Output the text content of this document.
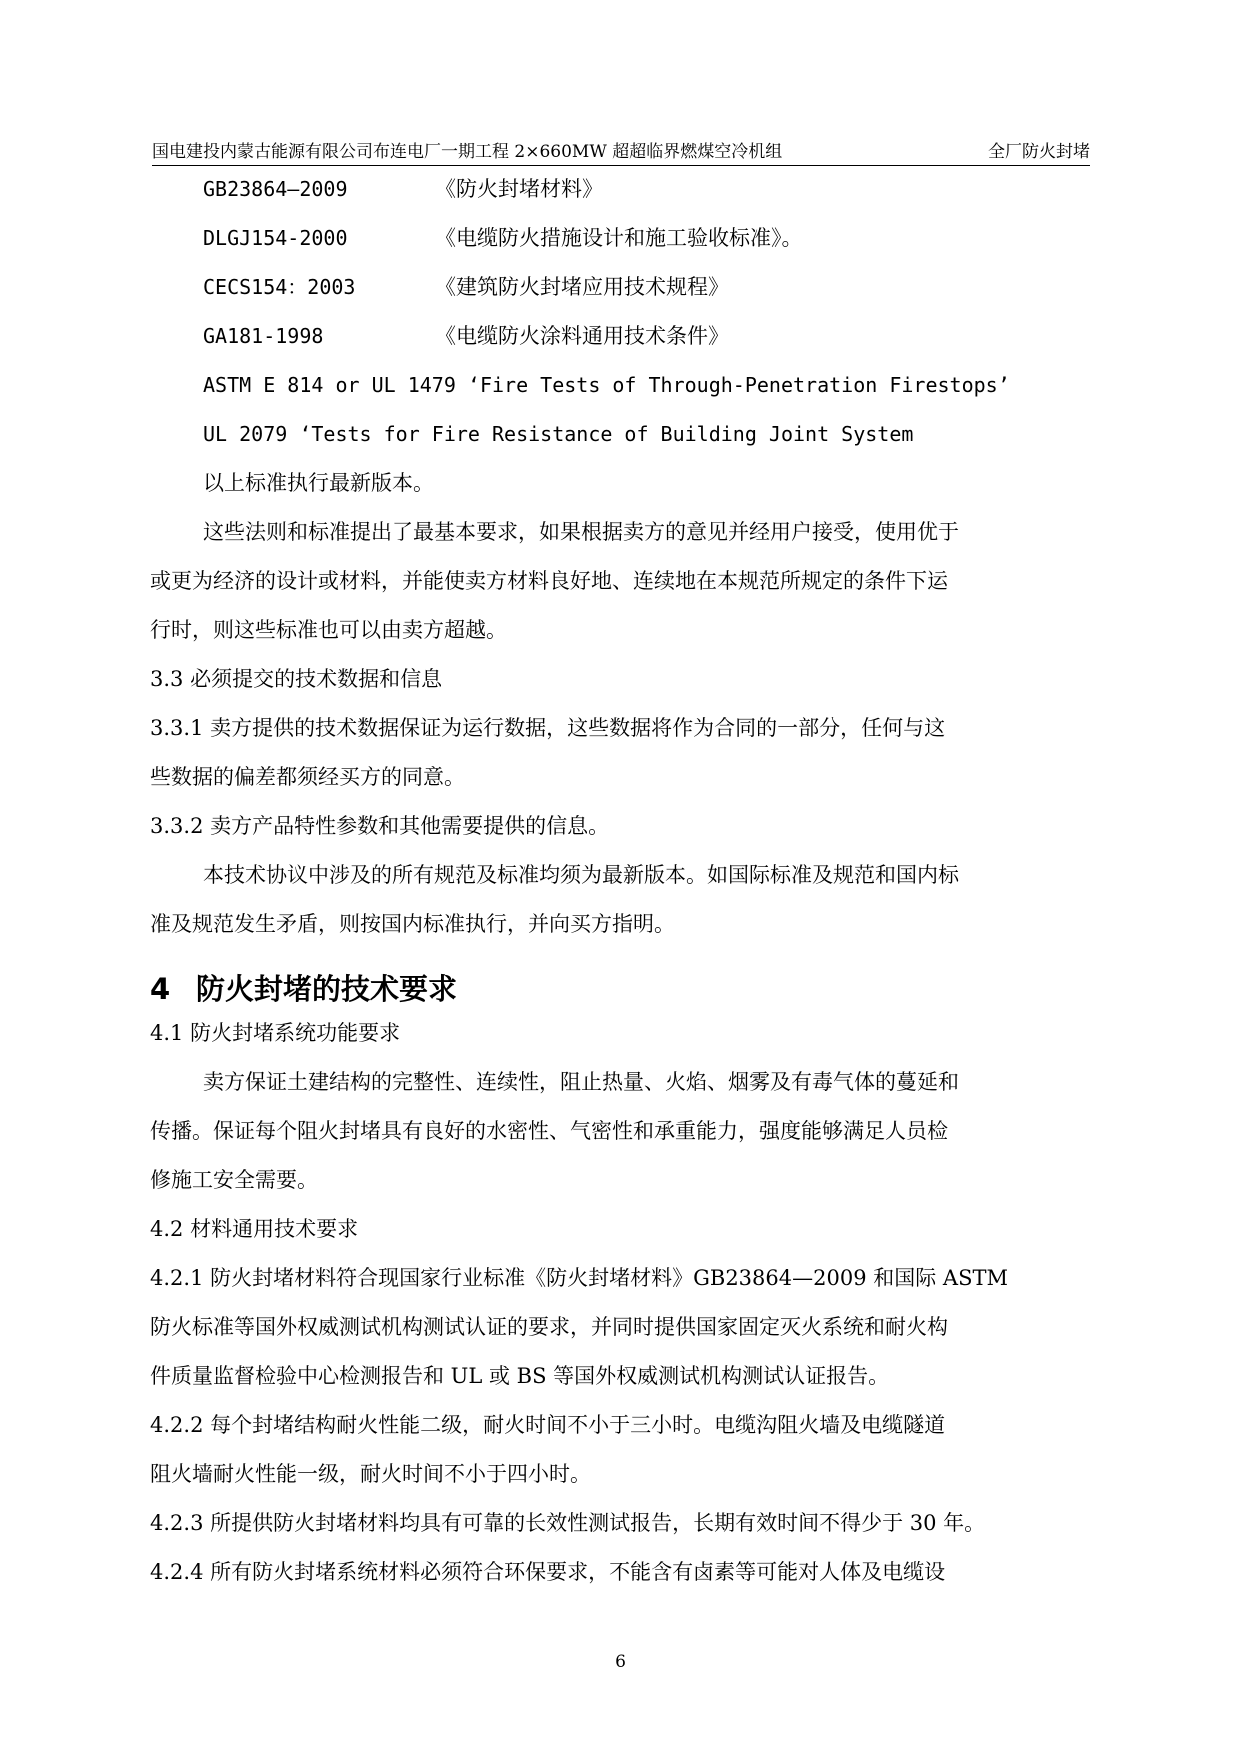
国电建投内蒙古能源有限公司布连电厂一期工程 2×660MW 超超临界燃煤空冷机组	全厂防火封堵
GB23864—2009	《防火封堵材料》
DLGJ154-2000	《电缆防火措施设计和施工验收标准》。
CECS154：2003	《建筑防火封堵应用技术规程》
GA181-1998	《电缆防火涂料通用技术条件》
ASTM E 814 or UL 1479 ‘Fire Tests of Through-Penetration Firestops’
UL 2079 ‘Tests for Fire Resistance of Building Joint System
以上标准执行最新版本。
这些法则和标准提出了最基本要求，如果根据卖方的意见并经用户接受，使用优于
或更为经济的设计或材料，并能使卖方材料良好地、连续地在本规范所规定的条件下运
行时，则这些标准也可以由卖方超越。
3.3 必须提交的技术数据和信息
3.3.1 卖方提供的技术数据保证为运行数据，这些数据将作为合同的一部分，任何与这
些数据的偏差都须经买方的同意。
3.3.2 卖方产品特性参数和其他需要提供的信息。
本技术协议中涉及的所有规范及标准均须为最新版本。如国际标准及规范和国内标
准及规范发生矛盾，则按国内标准执行，并向买方指明。
4 防火封堵的技术要求
4.1 防火封堵系统功能要求
卖方保证土建结构的完整性、连续性，阻止热量、火焰、烟雾及有毒气体的蔓延和
传播。保证每个阻火封堵具有良好的水密性、气密性和承重能力，强度能够满足人员检
修施工安全需要。
4.2 材料通用技术要求
4.2.1 防火封堵材料符合现国家行业标准《防火封堵材料》GB23864—2009 和国际 ASTM
防火标准等国外权威测试机构测试认证的要求，并同时提供国家固定灭火系统和耐火构
件质量监督检验中心检测报告和 UL 或 BS 等国外权威测试机构测试认证报告。
4.2.2 每个封堵结构耐火性能二级，耐火时间不小于三小时。电缆沟阻火墙及电缆隧道
阻火墙耐火性能一级，耐火时间不小于四小时。
4.2.3 所提供防火封堵材料均具有可靠的长效性测试报告，长期有效时间不得少于 30 年。
4.2.4 所有防火封堵系统材料必须符合环保要求，不能含有卤素等可能对人体及电缆设
6
